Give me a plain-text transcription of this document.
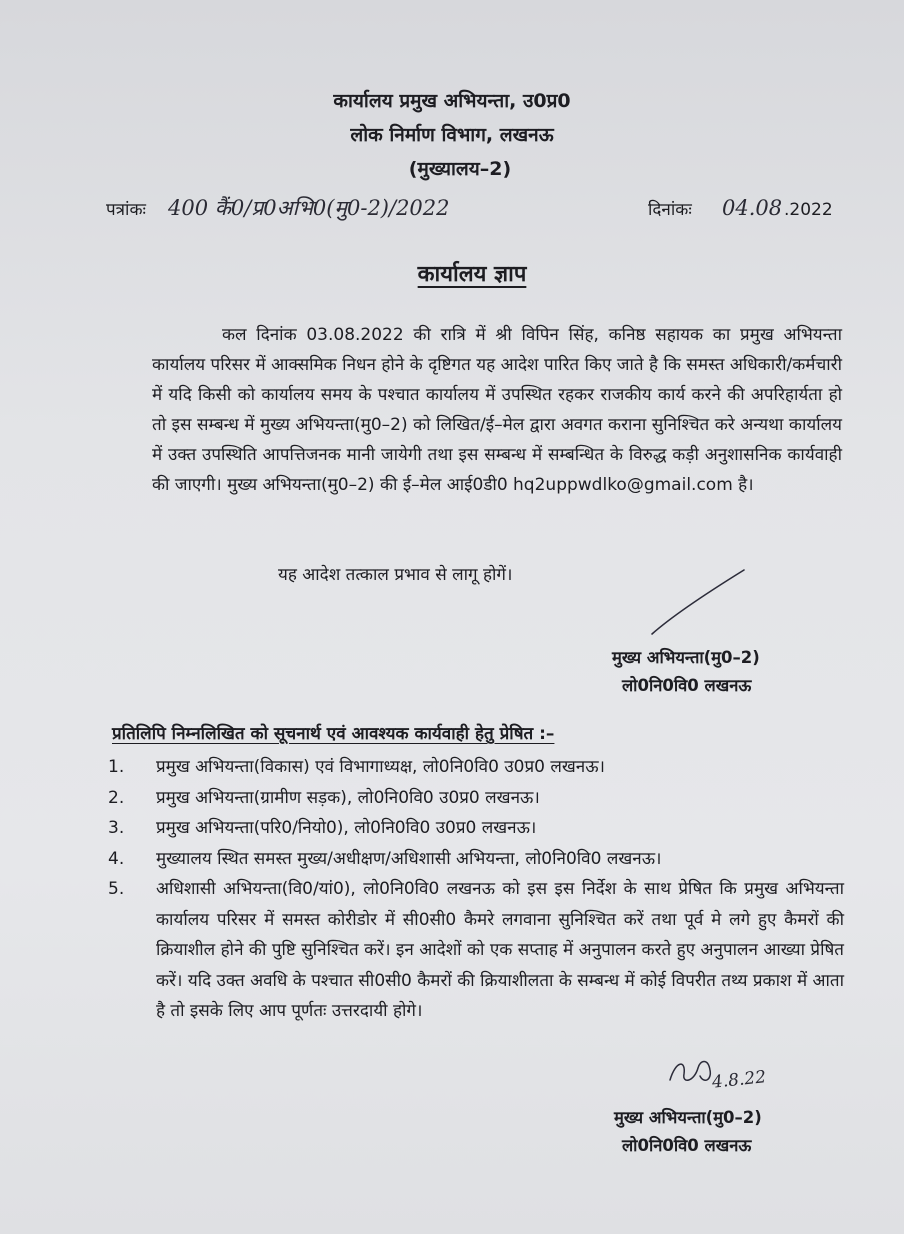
कार्यालय प्रमुख अभियन्ता, उ0प्र0
लोक निर्माण विभाग, लखनऊ
(मुख्यालय–2)
पत्रांकः 400 कैं0/प्र0अभि0(मु0-2)/2022	दिनांकः 04.08 .2022
कार्यालय ज्ञाप
कल दिनांक 03.08.2022 की रात्रि में श्री विपिन सिंह, कनिष्ठ सहायक का प्रमुख अभियन्ता कार्यालय परिसर में आक्समिक निधन होने के दृष्टिगत यह आदेश पारित किए जाते है कि समस्त अधिकारी/कर्मचारी में यदि किसी को कार्यालय समय के पश्चात कार्यालय में उपस्थित रहकर राजकीय कार्य करने की अपरिहार्यता हो तो इस सम्बन्ध में मुख्य अभियन्ता(मु0–2) को लिखित/ई–मेल द्वारा अवगत कराना सुनिश्चित करे अन्यथा कार्यालय में उक्त उपस्थिति आपत्तिजनक मानी जायेगी तथा इस सम्बन्ध में सम्बन्धित के विरुद्ध कड़ी अनुशासनिक कार्यवाही की जाएगी। मुख्य अभियन्ता(मु0–2) की ई–मेल आई0डी0 hq2uppwdlko@gmail.com है।
यह आदेश तत्काल प्रभाव से लागू होगें।
मुख्य अभियन्ता(मु0–2)
लो0नि0वि0 लखनऊ
प्रतिलिपि निम्नलिखित को सूचनार्थ एवं आवश्यक कार्यवाही हेतु प्रेषित :–
1.	प्रमुख अभियन्ता(विकास) एवं विभागाध्यक्ष, लो0नि0वि0 उ0प्र0 लखनऊ।
2.	प्रमुख अभियन्ता(ग्रामीण सड़क), लो0नि0वि0 उ0प्र0 लखनऊ।
3.	प्रमुख अभियन्ता(परि0/नियो0), लो0नि0वि0 उ0प्र0 लखनऊ।
4.	मुख्यालय स्थित समस्त मुख्य/अधीक्षण/अधिशासी अभियन्ता, लो0नि0वि0 लखनऊ।
5.	अधिशासी अभियन्ता(वि0/यां0), लो0नि0वि0 लखनऊ को इस इस निर्देश के साथ प्रेषित कि प्रमुख अभियन्ता कार्यालय परिसर में समस्त कोरीडोर में सी0सी0 कैमरे लगवाना सुनिश्चित करें तथा पूर्व मे लगे हुए कैमरों की क्रियाशील होने की पुष्टि सुनिश्चित करें। इन आदेशों को एक सप्ताह में अनुपालन करते हुए अनुपालन आख्या प्रेषित करें। यदि उक्त अवधि के पश्चात सी0सी0 कैमरों की क्रियाशीलता के सम्बन्ध में कोई विपरीत तथ्य प्रकाश में आता है तो इसके लिए आप पूर्णतः उत्तरदायी होगे।
4.8.22
मुख्य अभियन्ता(मु0–2)
लो0नि0वि0 लखनऊ
